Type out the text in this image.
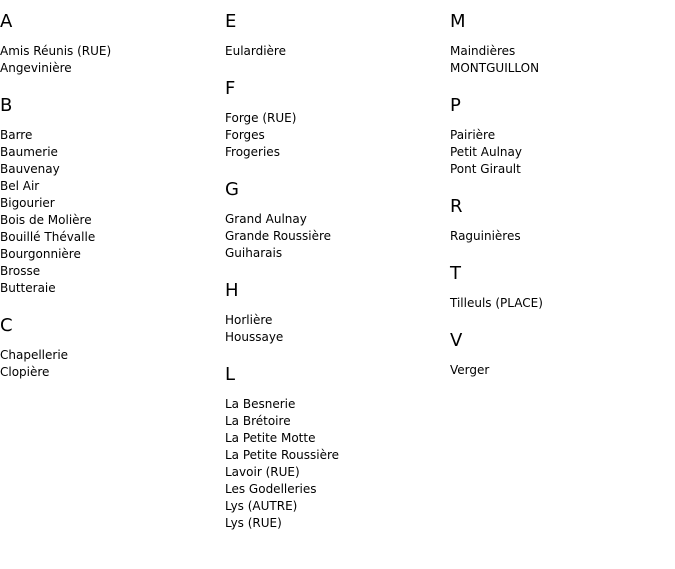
A
Amis Réunis (RUE)
Angevinière
B
Barre
Baumerie
Bauvenay
Bel Air
Bigourier
Bois de Molière
Bouillé Thévalle
Bourgonnière
Brosse
Butteraie
C
Chapellerie
Clopière
E
Eulardière
F
Forge (RUE)
Forges
Frogeries
G
Grand Aulnay
Grande Roussière
Guiharais
H
Horlière
Houssaye
L
La Besnerie
La Brétoire
La Petite Motte
La Petite Roussière
Lavoir (RUE)
Les Godelleries
Lys (AUTRE)
Lys (RUE)
M
Maindières
MONTGUILLON
P
Pairière
Petit Aulnay
Pont Girault
R
Raguinières
T
Tilleuls (PLACE)
V
Verger
